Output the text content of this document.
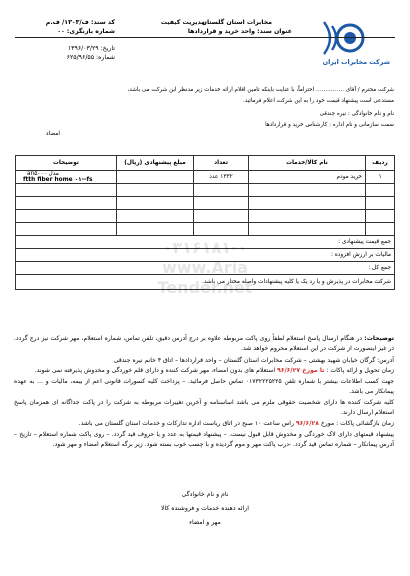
شرکت مخابرات ایران
مخابرات استان گلستان
عنوان سند: واحد خرید و قراردادها
مدیریت کیفیت
کد سند: ف/۱۳۰۳/ ف.م
شماره بازنگری: ۰۰
تاریخ: ۱۳۹۶/۰۳/۲۹
شماره: ۶۲۵/۹۶/۵۵
شرکت محترم / آقای …………… احتراماً، با عنایت باینکه تامین اقلام ارائه خدمات زیر مدنظر این شرکت می باشد،
مستدعی است پیشنهاد قیمت خود را به این شرکت اعلام فرمائید.
نام و نام خانوادگی : نیره جندقی
سمت سازمانی و نام اداره : کارشناس خرید و قراردادها
امضاء
ردیف	نام کالا/خدمات	تعداد	مبلغ پیشنهادی (ریال)	توضیحات
۱	خرید مودم	۱۳۳۲ عدد		an۵۰۰۰ مدل
ftth fiber home ۰۱--fs

جمع قیمت پیشنهادی :				
مالیات بر ارزش افزوده :				
جمع کل :				
شرکت مخابرات در پذیرش و یا رد یک یا کلیه پیشنهادات واصله مختار می باشد.				
۰۳۱۶۱۸۱-۰
www.Aria
Tender.net
توضیحات: در هنگام ارسال پاسخ استعلام لطفاً روی پاکت مربوطه علاوه بر درج آدرس دقیق، تلفن تماس، شماره استعلام، مهر شرکت نیز درج گردد. در غیر اینصورت از شرکت در این استعلام محروم خواهد شد.
آدرس: گرگان خیابان شهید بهشتی – شرکت مخابرات استان گلستان – واحد قراردادها – اتاق ۴ خانم نیره جندقی
زمان تحویل و ارائه پاکات : تا مورخ ۹۶/۶/۲۷ استعلام های بدون امضاء، مهر شرکت کننده و دارای قلم خوردگی و مخدوش پذیرفته نمی شوند.
جهت کسب اطلاعات بیشتر با شماره تلفن ۰۱۷۳۲۲۲۵۲۲۵ تماس حاصل فرمائید. – پرداخت کلیه کسورات قانونی اعم از بیمه، مالیات و … به عهده پیمانکار می باشد.
کلیه شرکت کننده ها دارای شخصیت حقوقی ملزم می باشد اساسنامه و آخرین تغییرات مربوطه به شرکت را در پاکت جداگانه ای همزمان پاسخ استعلام ارسال دارند.
زمان بازگشائی پاکات : مورخ ۹۶/۶/۲۸ راس ساعت ۱۰ صبح در اتاق ریاست اداره تدارکات و خدمات استان گلستان می باشد.
پیشنهاد قیمتهای دارای لاک خوردگی و مخدوش قابل قبول نیست. – پیشنهاد قیمتها به عدد و یا حروف قید گردد. – روی پاکت شماره استعلام – تاریخ – آدرس پیمانکار – شماره تماس قید گردد. -درب پاکت مهر و موم گردیده و با چسب خوب بسته شود. زیر برگه استعلام امضاء و مهر شود.
نام و نام خانوادگی
ارائه دهنده خدمات و فروشنده کالا
مهر و امضاء
